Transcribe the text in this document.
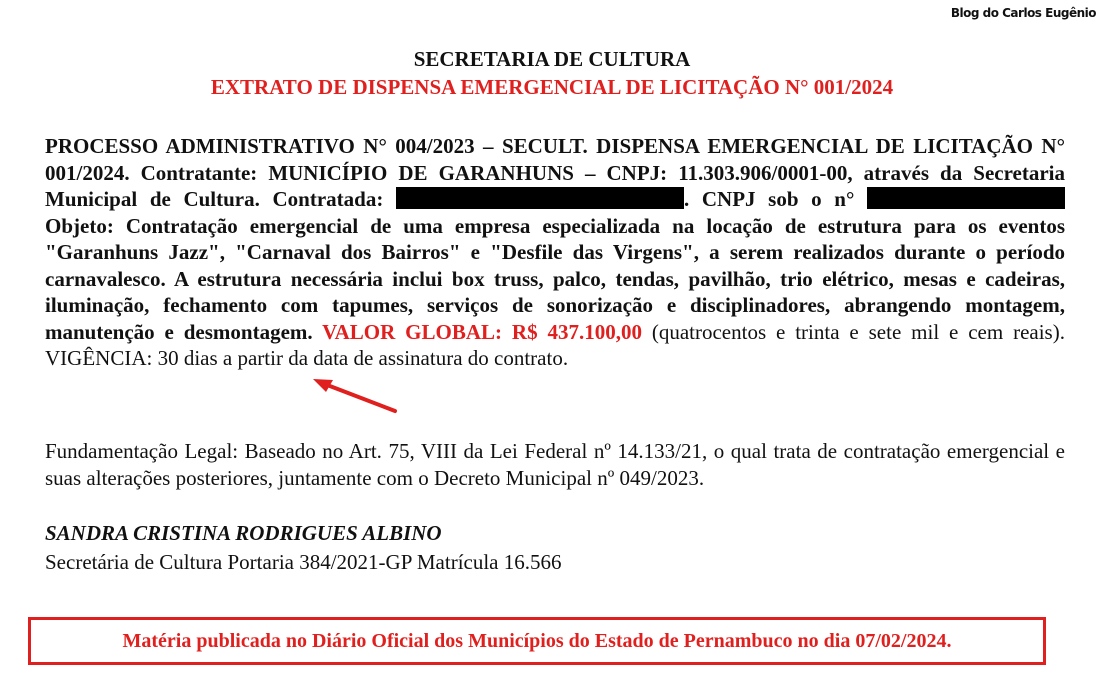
Blog do Carlos Eugênio
SECRETARIA DE CULTURA
EXTRATO DE DISPENSA EMERGENCIAL DE LICITAÇÃO N° 001/2024
PROCESSO ADMINISTRATIVO N° 004/2023 – SECULT. DISPENSA EMERGENCIAL DE LICITAÇÃO N° 001/2024. Contratante: MUNICÍPIO DE GARANHUNS – CNPJ: 11.303.906/0001-00, através da Secretaria Municipal de Cultura. Contratada:	. CNPJ sob o n°  Objeto: Contratação emergencial de uma empresa especializada na locação de estrutura para os eventos "Garanhuns Jazz", "Carnaval dos Bairros" e "Desfile das Virgens", a serem realizados durante o período carnavalesco. A estrutura necessária inclui box truss, palco, tendas, pavilhão, trio elétrico, mesas e cadeiras, iluminação, fechamento com tapumes, serviços de sonorização e disciplinadores, abrangendo montagem, manutenção e desmontagem. VALOR GLOBAL: R$ 437.100,00 (quatrocentos e trinta e sete mil e cem reais). VIGÊNCIA: 30 dias a partir da data de assinatura do contrato.
Fundamentação Legal: Baseado no Art. 75, VIII da Lei Federal nº 14.133/21, o qual trata de contratação emergencial e suas alterações posteriores, juntamente com o Decreto Municipal nº 049/2023.
SANDRA CRISTINA RODRIGUES ALBINO
Secretária de Cultura Portaria 384/2021-GP Matrícula 16.566
Matéria publicada no Diário Oficial dos Municípios do Estado de Pernambuco no dia 07/02/2024.
